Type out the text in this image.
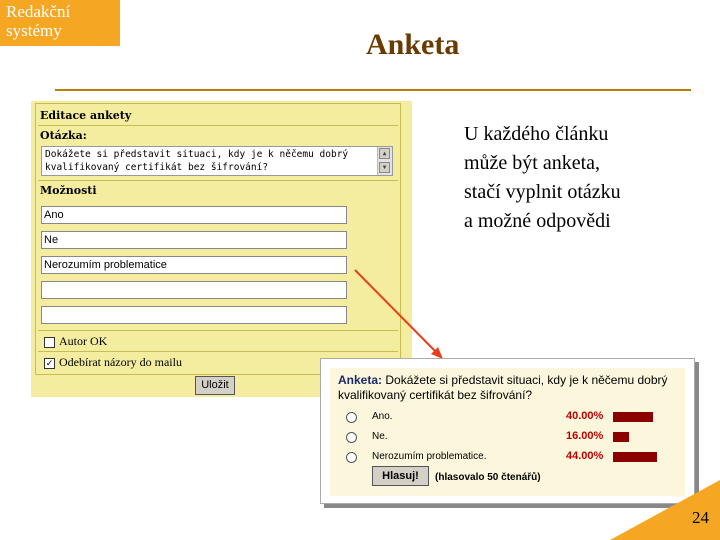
Redakční
systémy	Anketa
U každého článku
může být anketa,
stačí vyplnit otázku
a možné odpovědi
Editace ankety
Otázka:
Dokážete si představit situaci, kdy je k něčemu dobrý kvalifikovaný certifikát bez šifrování?
▲
▼
Možnosti
Ano
Ne
Nerozumím problematice
Autor OK
✓ Odebírat názory do mailu
Uložit	Anketa: Dokážete si představit situaci, kdy je k něčemu dobrý kvalifikovaný certifikát bez šifrování?
Ano.	40.00%
Ne.	16.00%
Nerozumím problematice.	44.00%
Hlasuj!	(hlasovalo 50 čtenářů)
24
